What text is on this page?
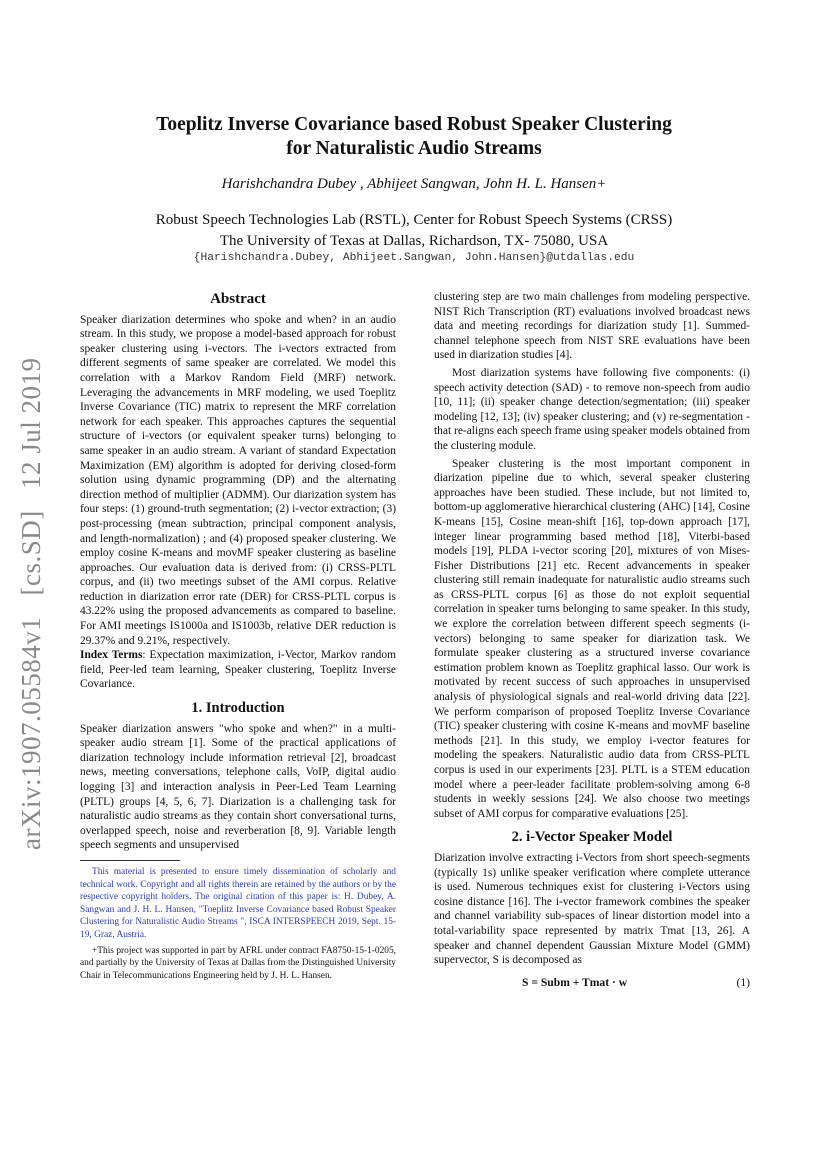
arXiv:1907.05584v1 [cs.SD] 12 Jul 2019
Toeplitz Inverse Covariance based Robust Speaker Clustering
for Naturalistic Audio Streams
Harishchandra Dubey , Abhijeet Sangwan, John H. L. Hansen+
Robust Speech Technologies Lab (RSTL), Center for Robust Speech Systems (CRSS)
The University of Texas at Dallas, Richardson, TX- 75080, USA
{Harishchandra.Dubey, Abhijeet.Sangwan, John.Hansen}@utdallas.edu
Abstract

Speaker diarization determines who spoke and when? in an audio stream. In this study, we propose a model-based approach for robust speaker clustering using i-vectors. The i-vectors extracted from different segments of same speaker are correlated. We model this correlation with a Markov Random Field (MRF) network. Leveraging the advancements in MRF modeling, we used Toeplitz Inverse Covariance (TIC) matrix to represent the MRF correlation network for each speaker. This approaches captures the sequential structure of i-vectors (or equivalent speaker turns) belonging to same speaker in an audio stream. A variant of standard Expectation Maximization (EM) algorithm is adopted for deriving closed-form solution using dynamic programming (DP) and the alternating direction method of multiplier (ADMM). Our diarization system has four steps: (1) ground-truth segmentation; (2) i-vector extraction; (3) post-processing (mean subtraction, principal component analysis, and length-normalization) ; and (4) proposed speaker clustering. We employ cosine K-means and movMF speaker clustering as baseline approaches. Our evaluation data is derived from: (i) CRSS-PLTL corpus, and (ii) two meetings subset of the AMI corpus. Relative reduction in diarization error rate (DER) for CRSS-PLTL corpus is 43.22% using the proposed advancements as compared to baseline. For AMI meetings IS1000a and IS1003b, relative DER reduction is 29.37% and 9.21%, respectively.

Index Terms: Expectation maximization, i-Vector, Markov random field, Peer-led team learning, Speaker clustering, Toeplitz Inverse Covariance.

1. Introduction

Speaker diarization answers "who spoke and when?" in a multi-speaker audio stream [1]. Some of the practical applications of diarization technology include information retrieval [2], broadcast news, meeting conversations, telephone calls, VoIP, digital audio logging [3] and interaction analysis in Peer-Led Team Learning (PLTL) groups [4, 5, 6, 7]. Diarization is a challenging task for naturalistic audio streams as they contain short conversational turns, overlapped speech, noise and reverberation [8, 9]. Variable length speech segments and unsupervised

This material is presented to ensure timely dissemination of scholarly and technical work. Copyright and all rights therein are retained by the authors or by the respective copyright holders. The original citation of this paper is: H. Dubey, A. Sangwan and J. H. L. Hansen, "Toeplitz Inverse Covariance based Robust Speaker Clustering for Naturalistic Audio Streams ", ISCA INTERSPEECH 2019, Sept. 15-19, Graz, Austria.

+This project was supported in part by AFRL under contract FA8750-15-1-0205, and partially by the University of Texas at Dallas from the Distinguished University Chair in Telecommunications Engineering held by J. H. L. Hansen.

clustering step are two main challenges from modeling perspective. NIST Rich Transcription (RT) evaluations involved broadcast news data and meeting recordings for diarization study [1]. Summed-channel telephone speech from NIST SRE evaluations have been used in diarization studies [4].

Most diarization systems have following five components: (i) speech activity detection (SAD) - to remove non-speech from audio [10, 11]; (ii) speaker change detection/segmentation; (iii) speaker modeling [12, 13]; (iv) speaker clustering; and (v) re-segmentation - that re-aligns each speech frame using speaker models obtained from the clustering module.

Speaker clustering is the most important component in diarization pipeline due to which, several speaker clustering approaches have been studied. These include, but not limited to, bottom-up agglomerative hierarchical clustering (AHC) [14], Cosine K-means [15], Cosine mean-shift [16], top-down approach [17], integer linear programming based method [18], Viterbi-based models [19], PLDA i-vector scoring [20], mixtures of von Mises-Fisher Distributions [21] etc. Recent advancements in speaker clustering still remain inadequate for naturalistic audio streams such as CRSS-PLTL corpus [6] as those do not exploit sequential correlation in speaker turns belonging to same speaker. In this study, we explore the correlation between different speech segments (i-vectors) belonging to same speaker for diarization task. We formulate speaker clustering as a structured inverse covariance estimation problem known as Toeplitz graphical lasso. Our work is motivated by recent success of such approaches in unsupervised analysis of physiological signals and real-world driving data [22]. We perform comparison of proposed Toeplitz Inverse Covariance (TIC) speaker clustering with cosine K-means and movMF baseline methods [21]. In this study, we employ i-vector features for modeling the speakers. Naturalistic audio data from CRSS-PLTL corpus is used in our experiments [23]. PLTL is a STEM education model where a peer-leader facilitate problem-solving among 6-8 students in weekly sessions [24]. We also choose two meetings subset of AMI corpus for comparative evaluations [25].

2. i-Vector Speaker Model

Diarization involve extracting i-Vectors from short speech-segments (typically 1s) unlike speaker verification where complete utterance is used. Numerous techniques exist for clustering i-Vectors using cosine distance [16]. The i-vector framework combines the speaker and channel variability sub-spaces of linear distortion model into a total-variability space represented by matrix Tmat [13, 26]. A speaker and channel dependent Gaussian Mixture Model (GMM) supervector, S is decomposed as

S = Subm + Tmat · w	(1)
